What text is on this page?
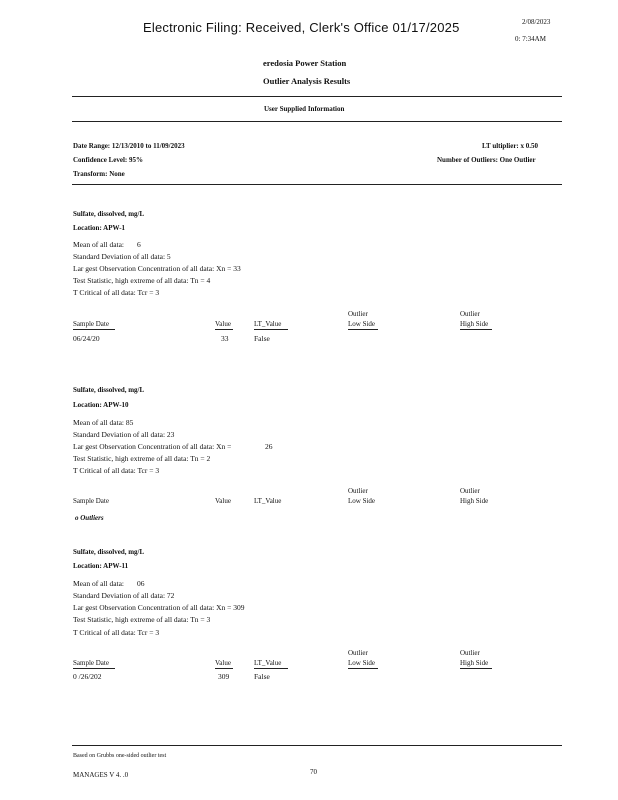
Electronic Filing: Received, Clerk's Office 01/17/2025	2/08/2023
0: 7:34AM
eredosia Power Station
Outlier Analysis Results
User Supplied Information
Date Range: 12/13/2010 to 11/09/2023	LT ultiplier: x 0.50
Confidence Level: 95%	Number of Outliers: One Outlier
Transform: None
Sulfate, dissolved, mg/L
Location: APW-1
Mean of all data: 6
Standard Deviation of all data: 5
Lar gest Observation Concentration of all data: Xn = 33
Test Statistic, high extreme of all data: Tn = 4
T Critical of all data: Tcr = 3
Outlier	Outlier
Sample Date	Value	LT_Value	Low Side	High Side
06/24/20	33	False
Sulfate, dissolved, mg/L
Location: APW-10
Mean of all data: 85
Standard Deviation of all data: 23
Lar gest Observation Concentration of all data: Xn =	26
Test Statistic, high extreme of all data: Tn = 2
T Critical of all data: Tcr = 3
Outlier	Outlier
Sample Date	Value	LT_Value	Low Side	High Side
o Outliers
Sulfate, dissolved, mg/L
Location: APW-11
Mean of all data: 06
Standard Deviation of all data: 72
Lar gest Observation Concentration of all data: Xn = 309
Test Statistic, high extreme of all data: Tn = 3
T Critical of all data: Tcr = 3
Outlier	Outlier
Sample Date	Value	LT_Value	Low Side	High Side
0 /26/202	309	False
Based on Grubbs one-sided outlier test
MANAGES V 4. .0	70
